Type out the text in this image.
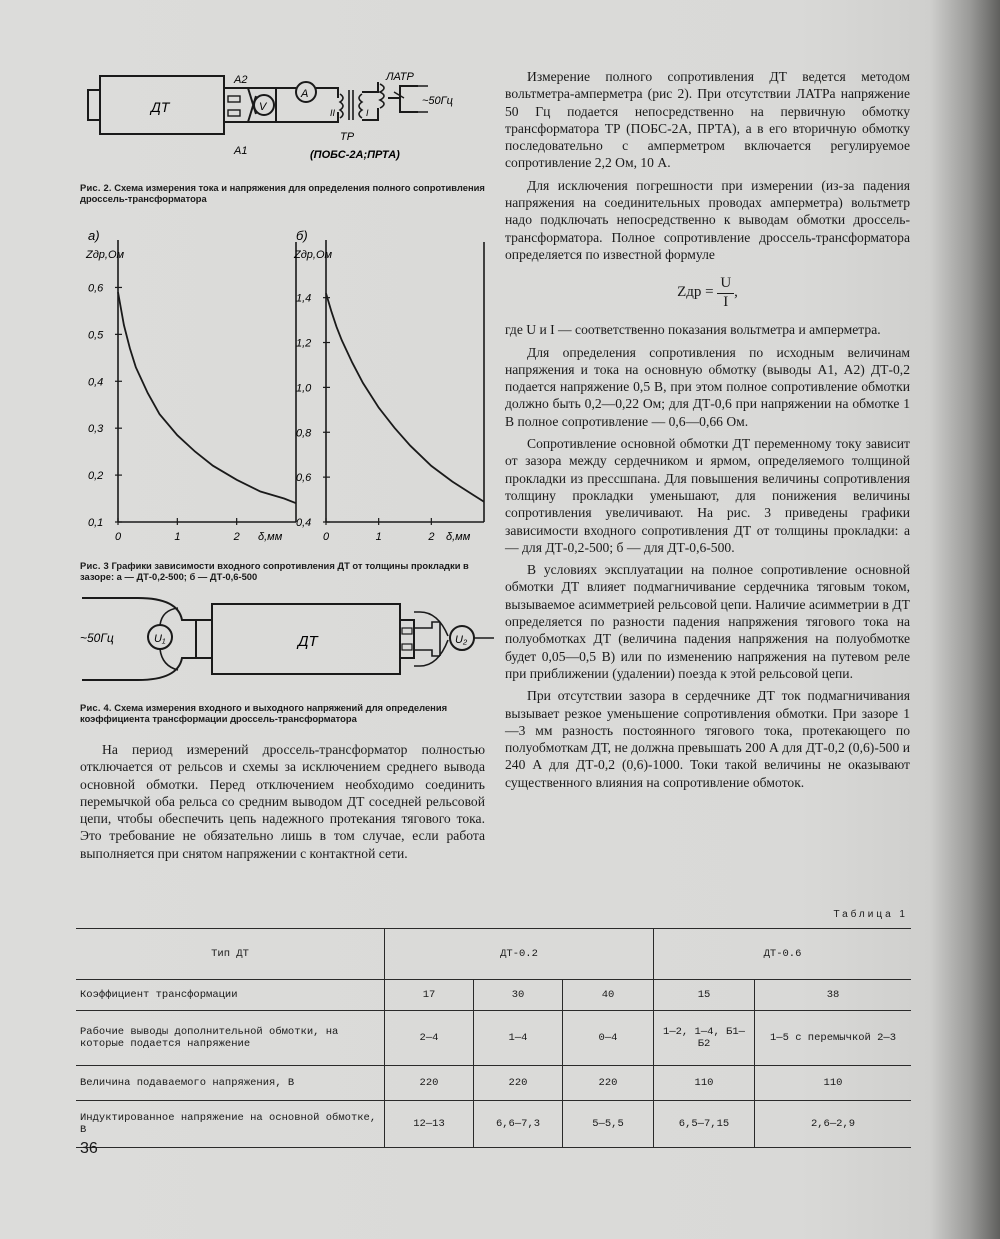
ДТ
А2
А1
V
A
II	I
ЛАТР
~50Гц
ТР
(ПОБС-2А;ПРТА)
Рис. 2. Схема измерения тока и напряжения для определения полного сопротивления дроссель-трансформатора
а)
Zдр,Ом
0,6
0,5
0,4
0,3
0,2
0,1
0	1	2 δ,мм
б)
Zдр,Ом
1,4
1,2
1,0
0,8
0,6
0,4
0	1	2 δ,мм
Рис. 3 Графики зависимости входного сопротивления ДТ от толщины прокладки в зазоре: а — ДТ-0,2-500; б — ДТ-0,6-500
ДТ
U₁	U₂
~50Гц
Рис. 4. Схема измерения входного и выходного напряжений для определения коэффициента трансформации дроссель-трансформатора

На период измерений дроссель-трансформатор полностью отключается от рельсов и схемы за исключением среднего вывода основной обмотки. Перед отключением необходимо соединить перемычкой оба рельса со средним выводом ДТ соседней рельсовой цепи, чтобы обеспечить цепь надежного протекания тягового тока. Это требование не обязательно лишь в том случае, если работа выполняется при снятом напряжении с контактной сети.

Измерение полного сопротивления ДТ ведется методом вольтметра-амперметра (рис 2). При отсутствии ЛАТРа напряжение 50 Гц подается непосредственно на первичную обмотку трансформатора ТР (ПОБС-2А, ПРТА), а в его вторичную обмотку последовательно с амперметром включается регулируемое сопротивление 2,2 Ом, 10 А.

Для исключения погрешности при измерении (из-за падения напряжения на соединительных проводах амперметра) вольтметр надо подключать непосредственно к выводам обмотки дроссель-трансформатора. Полное сопротивление дроссель-трансформатора определяется по известной формуле

Zдр = $\frac{U}{I}$ ,

где U и I — соответственно показания вольтметра и амперметра.

Для определения сопротивления по исходным величинам напряжения и тока на основную обмотку (выводы А1, А2) ДТ-0,2 подается напряжение 0,5 В, при этом полное сопротивление обмотки должно быть 0,2—0,22 Ом; для ДТ-0,6 при напряжении на обмотке 1 В полное сопротивление — 0,6—0,66 Ом.

Сопротивление основной обмотки ДТ переменному току зависит от зазора между сердечником и ярмом, определяемого толщиной прокладки из прессшпана. Для повышения величины сопротивления толщину прокладки уменьшают, для понижения величины сопротивления увеличивают. На рис. 3 приведены графики зависимости входного сопротивления ДТ от толщины прокладки: а — для ДТ-0,2-500; б — для ДТ-0,6-500.

В условиях эксплуатации на полное сопротивление основной обмотки ДТ влияет подмагничивание сердечника тяговым током, вызываемое асимметрией рельсовой цепи. Наличие асимметрии в ДТ определяется по разности падения напряжения тягового тока на полуобмотках ДТ (величина падения напряжения на полуобмотке будет 0,05—0,5 В) или по изменению напряжения на путевом реле при приближении (удалении) поезда к этой рельсовой цепи.

При отсутствии зазора в сердечнике ДТ ток подмагничивания вызывает резкое уменьшение сопротивления обмотки. При зазоре 1—3 мм разность постоянного тягового тока, протекающего по полуобмоткам ДТ, не должна превышать 200 А для ДТ-0,2 (0,6)-500 и 240 А для ДТ-0,2 (0,6)-1000. Токи такой величины не оказывают существенного влияния на сопротивление обмоток.

Таблица 1
Тип ДТ	ДТ-0.2			ДТ-0.6	
Коэффициент трансформации	17	30	40	15	38
Рабочие выводы дополнительной обмотки, на которые подается напряжение	2—4	1—4	0—4	1—2, 1—4, Б1—Б2	1—5 с перемычкой 2—3
Величина подаваемого напряжения, В	220	220	220	110	110
Индуктированное напряжение на основной обмотке, В	12—13	6,6—7,3	5—5,5	6,5—7,15	2,6—2,9
36
